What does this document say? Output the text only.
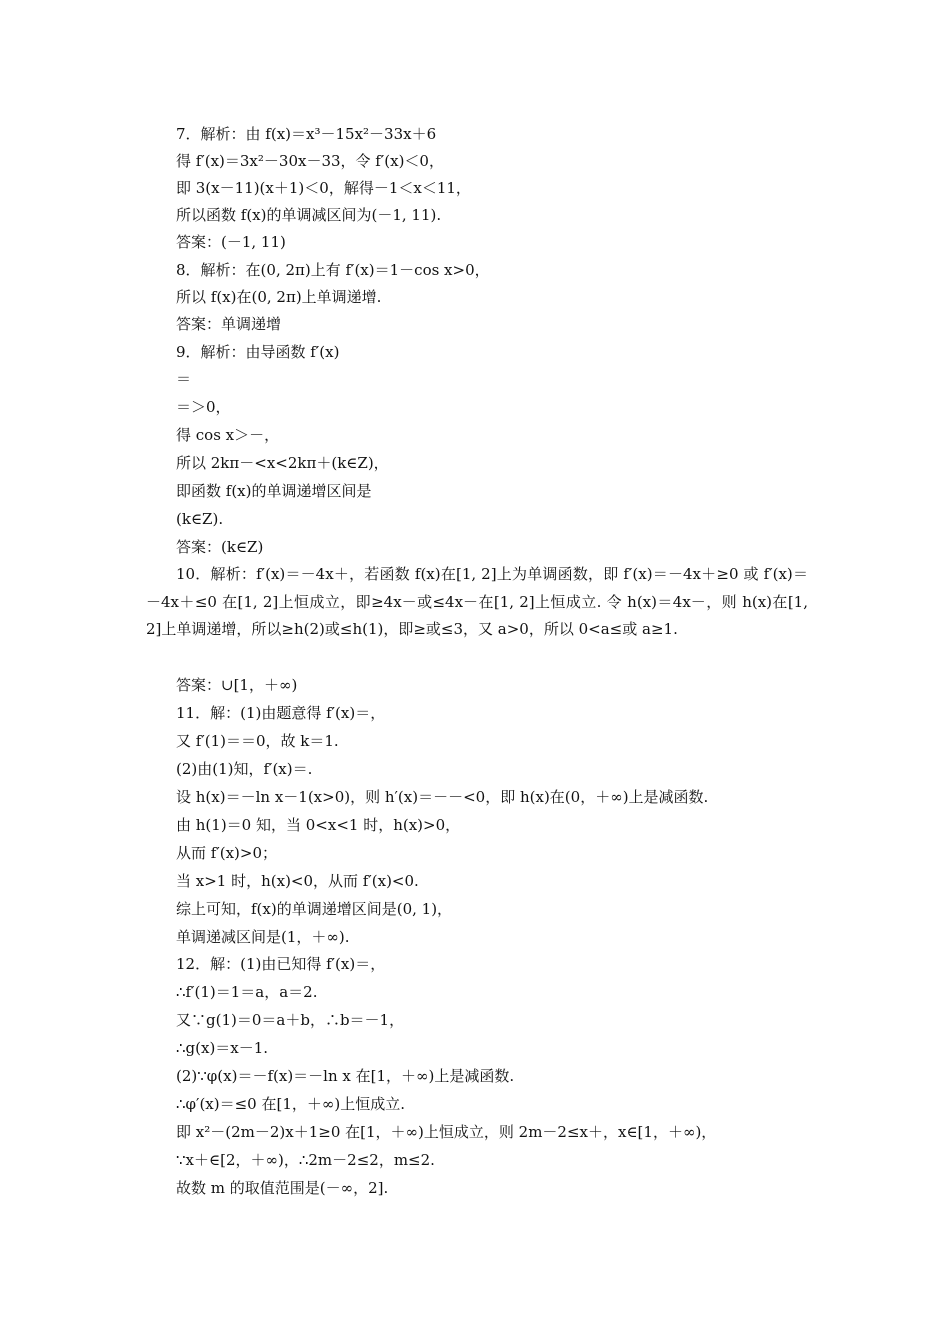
7．解析：由 f(x)＝x³－15x²－33x＋6
得 f′(x)＝3x²－30x－33，令 f′(x)＜0，
即 3(x－11)(x＋1)＜0，解得－1＜x＜11，
所以函数 f(x)的单调减区间为(－1, 11).
答案：(－1, 11)
8．解析：在(0, 2π)上有 f′(x)＝1－cos x>0，
所以 f(x)在(0, 2π)上单调递增.
答案：单调递增
9．解析：由导函数 f′(x)
＝
＝＞0，
得 cos x＞－，
所以 2kπ－<x<2kπ＋(k∈Z)，
即函数 f(x)的单调递增区间是
(k∈Z).
答案：(k∈Z)

10．解析：f′(x)＝－4x＋，若函数 f(x)在[1, 2]上为单调函数，即 f′(x)＝－4x＋≥0 或 f′(x)＝－4x＋≤0 在[1, 2]上恒成立，即≥4x－或≤4x－在[1, 2]上恒成立. 令 h(x)＝4x－，则 h(x)在[1, 2]上单调递增，所以≥h(2)或≤h(1)，即≥或≤3，又 a>0，所以 0<a≤或 a≥1.

答案：∪[1，＋∞)
11．解：(1)由题意得 f′(x)＝，
又 f′(1)＝＝0，故 k＝1.
(2)由(1)知，f′(x)＝.
设 h(x)＝－ln x－1(x>0)，则 h′(x)＝－－<0，即 h(x)在(0，＋∞)上是减函数.
由 h(1)＝0 知，当 0<x<1 时，h(x)>0，
从而 f′(x)>0；
当 x>1 时，h(x)<0，从而 f′(x)<0.
综上可知，f(x)的单调递增区间是(0, 1)，
单调递减区间是(1，＋∞).
12．解：(1)由已知得 f′(x)＝，
∴f′(1)＝1＝a，a＝2.
又∵g(1)＝0＝a＋b，∴b＝－1，
∴g(x)＝x－1.
(2)∵φ(x)＝－f(x)＝－ln x 在[1，＋∞)上是减函数.
∴φ′(x)＝≤0 在[1，＋∞)上恒成立.
即 x²－(2m－2)x＋1≥0 在[1，＋∞)上恒成立，则 2m－2≤x＋，x∈[1，＋∞)，
∵x＋∈[2，＋∞)，∴2m－2≤2，m≤2.
故数 m 的取值范围是(－∞，2].
